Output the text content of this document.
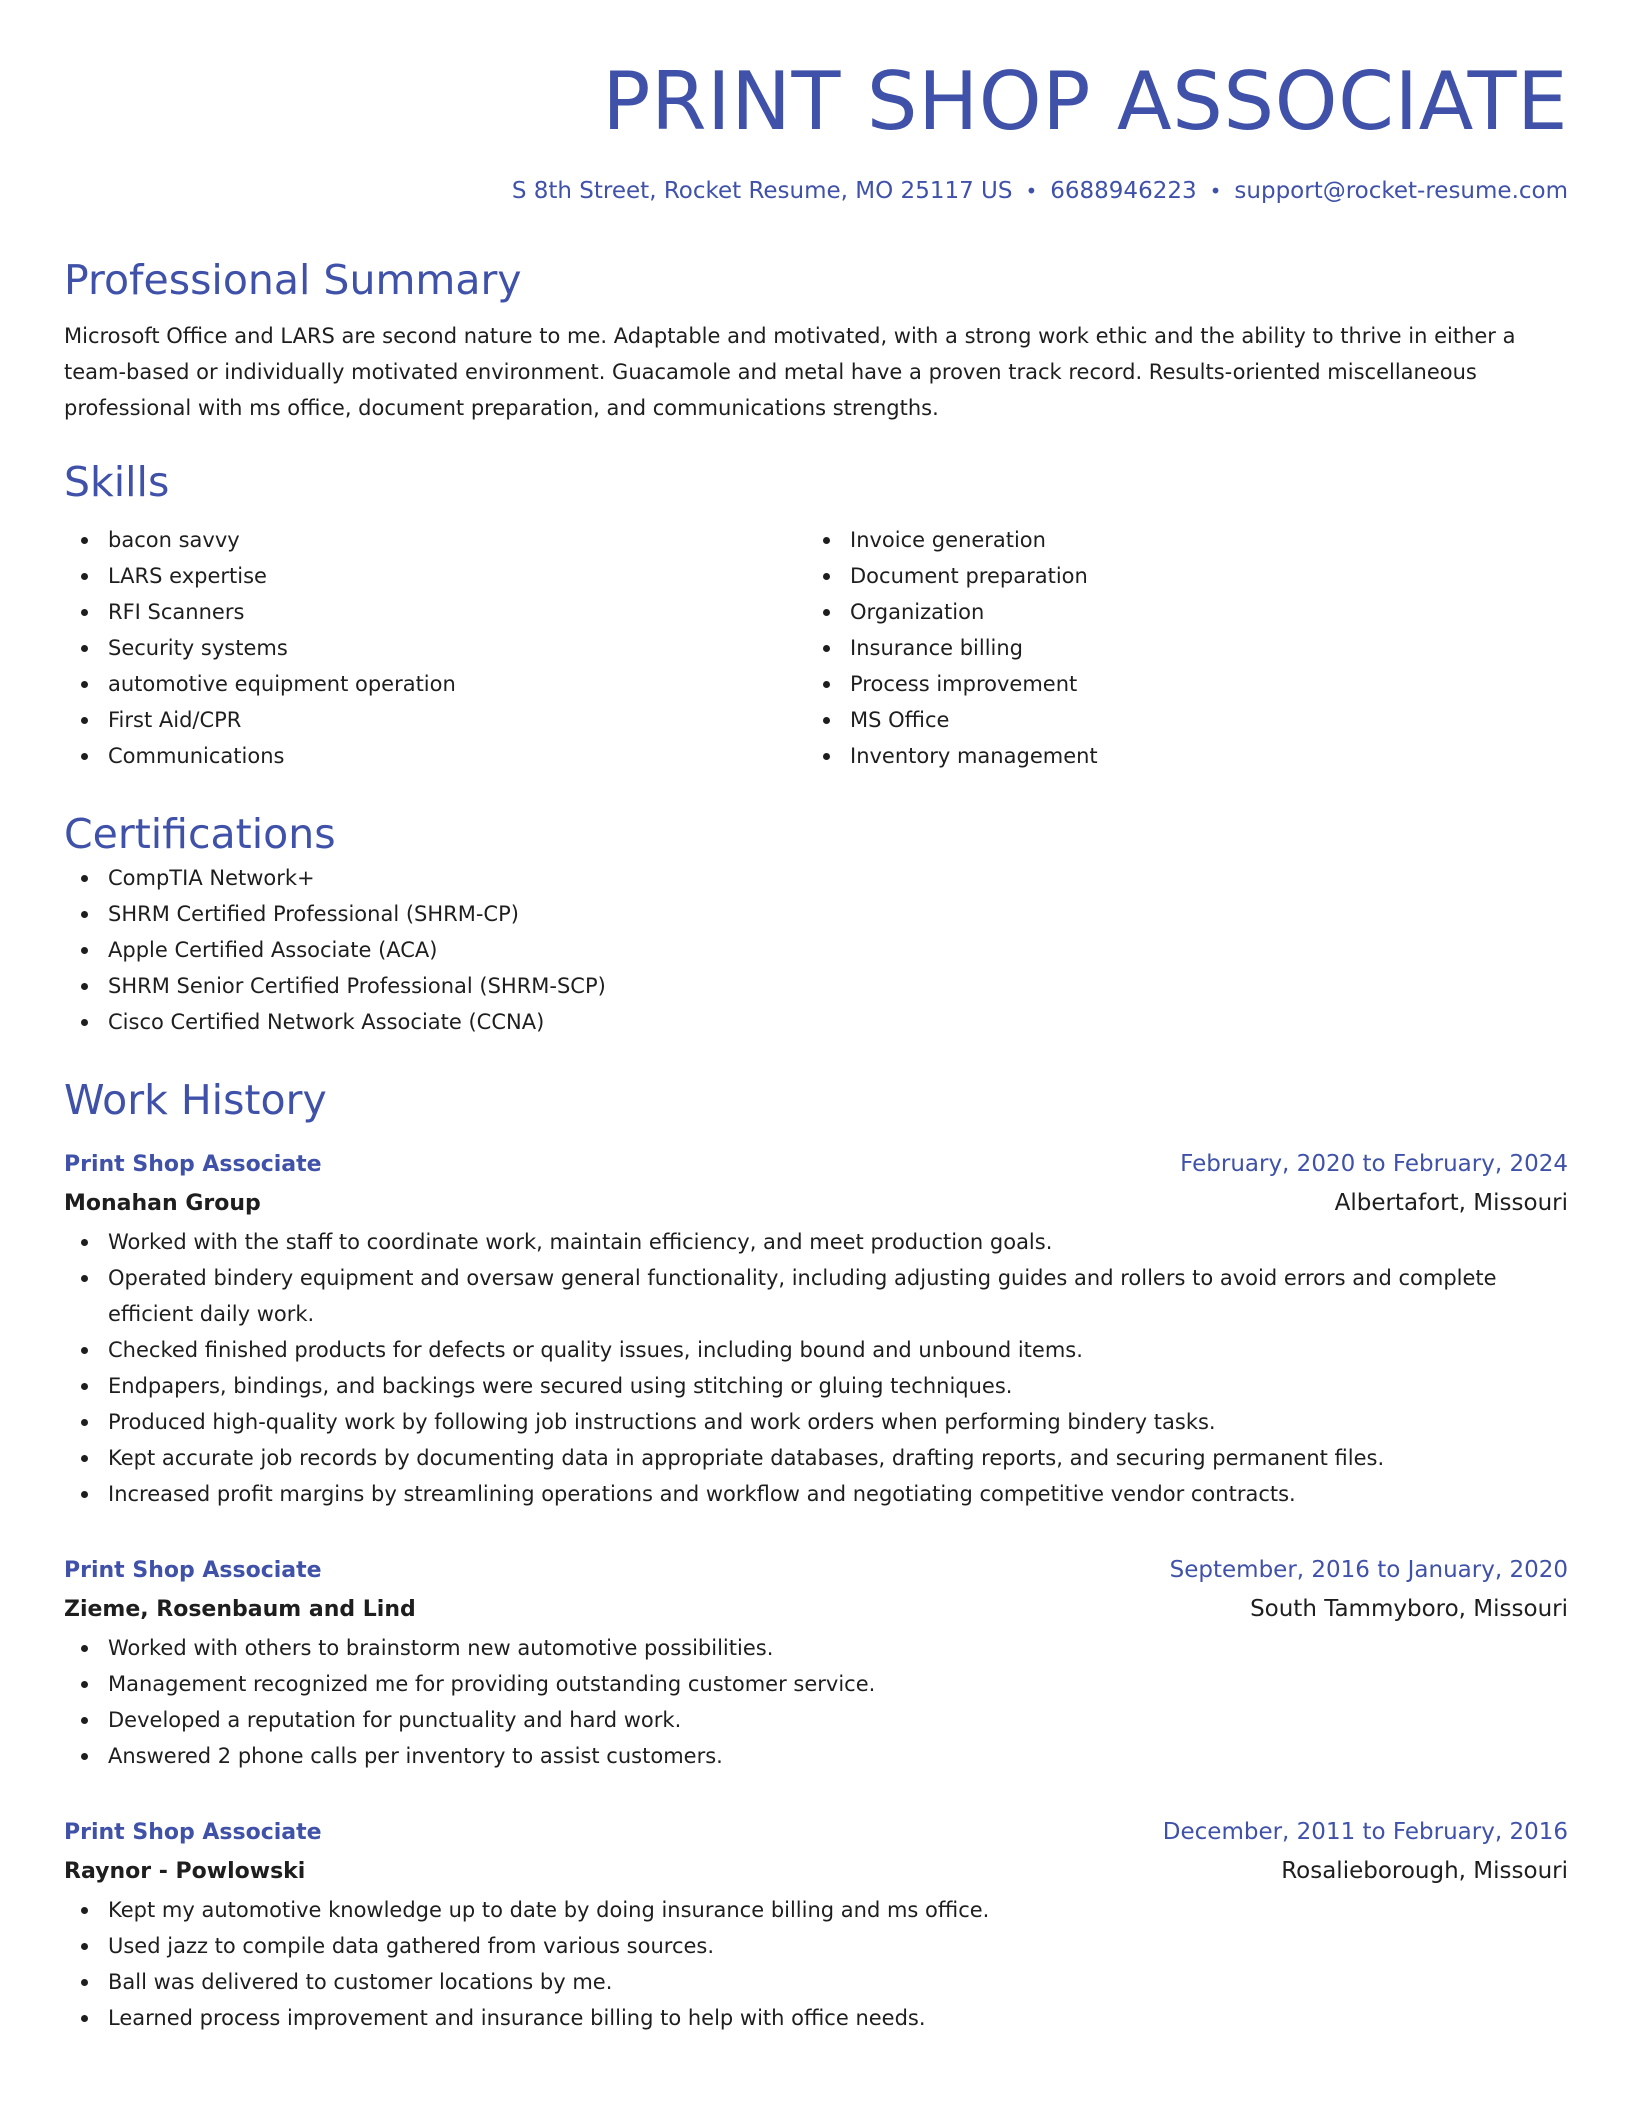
PRINT SHOP ASSOCIATE
S 8th Street, Rocket Resume, MO 25117 US • 6688946223 • support@rocket-resume.com
Professional Summary
Microsoft Office and LARS are second nature to me. Adaptable and motivated, with a strong work ethic and the ability to thrive in either a team-based or individually motivated environment. Guacamole and metal have a proven track record. Results-oriented miscellaneous professional with ms office, document preparation, and communications strengths.
Skills
bacon savvy
LARS expertise
RFI Scanners
Security systems
automotive equipment operation
First Aid/CPR
Communications
Invoice generation
Document preparation
Organization
Insurance billing
Process improvement
MS Office
Inventory management
Certifications
CompTIA Network+
SHRM Certified Professional (SHRM-CP)
Apple Certified Associate (ACA)
SHRM Senior Certified Professional (SHRM-SCP)
Cisco Certified Network Associate (CCNA)
Work History
Print Shop Associate	February, 2020 to February, 2024
Monahan Group	Albertafort, Missouri
Worked with the staff to coordinate work, maintain efficiency, and meet production goals.
Operated bindery equipment and oversaw general functionality, including adjusting guides and rollers to avoid errors and complete efficient daily work.
Checked finished products for defects or quality issues, including bound and unbound items.
Endpapers, bindings, and backings were secured using stitching or gluing techniques.
Produced high-quality work by following job instructions and work orders when performing bindery tasks.
Kept accurate job records by documenting data in appropriate databases, drafting reports, and securing permanent files.
Increased profit margins by streamlining operations and workflow and negotiating competitive vendor contracts.
Print Shop Associate	September, 2016 to January, 2020
Zieme, Rosenbaum and Lind	South Tammyboro, Missouri
Worked with others to brainstorm new automotive possibilities.
Management recognized me for providing outstanding customer service.
Developed a reputation for punctuality and hard work.
Answered 2 phone calls per inventory to assist customers.
Print Shop Associate	December, 2011 to February, 2016
Raynor - Powlowski	Rosalieborough, Missouri
Kept my automotive knowledge up to date by doing insurance billing and ms office.
Used jazz to compile data gathered from various sources.
Ball was delivered to customer locations by me.
Learned process improvement and insurance billing to help with office needs.
